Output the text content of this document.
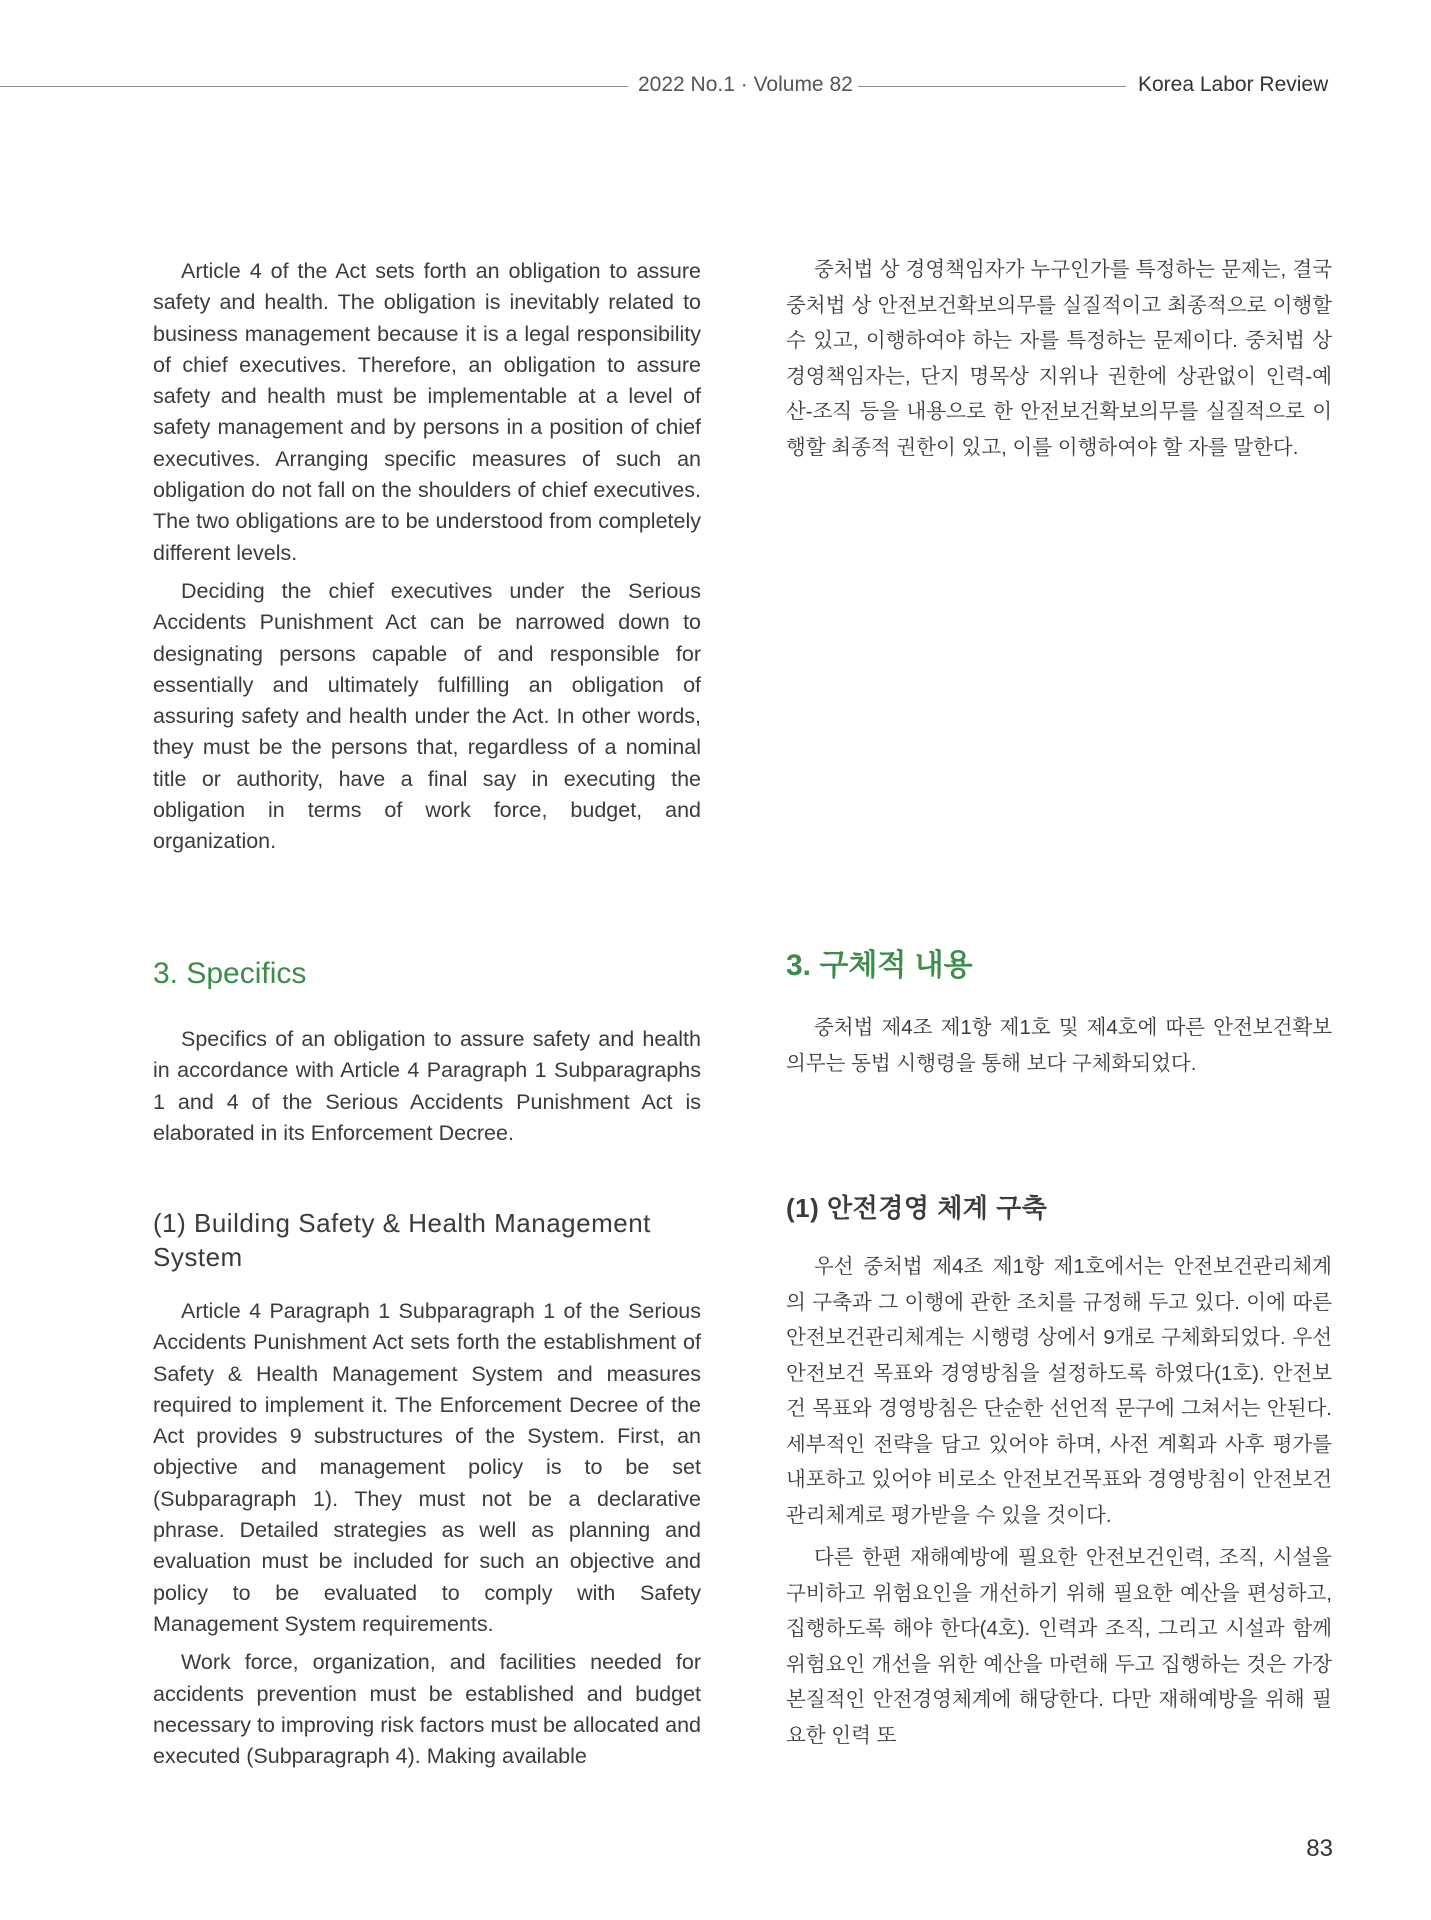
2022 No.1 · Volume 82	Korea Labor Review

Article 4 of the Act sets forth an obligation to assure safety and health. The obligation is inevitably related to business management because it is a legal responsibility of chief executives. Therefore, an obligation to assure safety and health must be implementable at a level of safety management and by persons in a position of chief executives. Arranging specific measures of such an obligation do not fall on the shoulders of chief executives. The two obligations are to be understood from completely different levels.

Deciding the chief executives under the Serious Accidents Punishment Act can be narrowed down to designating persons capable of and responsible for essentially and ultimately fulfilling an obligation of assuring safety and health under the Act. In other words, they must be the persons that, regardless of a nominal title or authority, have a final say in executing the obligation in terms of work force, budget, and organization.

3. Specifics

Specifics of an obligation to assure safety and health in accordance with Article 4 Paragraph 1 Subparagraphs 1 and 4 of the Serious Accidents Punishment Act is elaborated in its Enforcement Decree.

(1) Building Safety & Health Management System

Article 4 Paragraph 1 Subparagraph 1 of the Serious Accidents Punishment Act sets forth the establishment of Safety & Health Management System and measures required to implement it. The Enforcement Decree of the Act provides 9 substructures of the System. First, an objective and management policy is to be set (Subparagraph 1). They must not be a declarative phrase. Detailed strategies as well as planning and evaluation must be included for such an objective and policy to be evaluated to comply with Safety Management System requirements.

Work force, organization, and facilities needed for accidents prevention must be established and budget necessary to improving risk factors must be allocated and executed (Subparagraph 4). Making available

중처법 상 경영책임자가 누구인가를 특정하는 문제는, 결국 중처법 상 안전보건확보의무를 실질적이고 최종적으로 이행할 수 있고, 이행하여야 하는 자를 특정하는 문제이다. 중처법 상 경영책임자는, 단지 명목상 지위나 권한에 상관없이 인력-예산-조직 등을 내용으로 한 안전보건확보의무를 실질적으로 이행할 최종적 권한이 있고, 이를 이행하여야 할 자를 말한다.

3. 구체적 내용

중처법 제4조 제1항 제1호 및 제4호에 따른 안전보건확보의무는 동법 시행령을 통해 보다 구체화되었다.

(1) 안전경영 체계 구축

우선 중처법 제4조 제1항 제1호에서는 안전보건관리체계의 구축과 그 이행에 관한 조치를 규정해 두고 있다. 이에 따른 안전보건관리체계는 시행령 상에서 9개로 구체화되었다. 우선 안전보건 목표와 경영방침을 설정하도록 하였다(1호). 안전보건 목표와 경영방침은 단순한 선언적 문구에 그쳐서는 안된다. 세부적인 전략을 담고 있어야 하며, 사전 계획과 사후 평가를 내포하고 있어야 비로소 안전보건목표와 경영방침이 안전보건관리체계로 평가받을 수 있을 것이다.

다른 한편 재해예방에 필요한 안전보건인력, 조직, 시설을 구비하고 위험요인을 개선하기 위해 필요한 예산을 편성하고, 집행하도록 해야 한다(4호). 인력과 조직, 그리고 시설과 함께 위험요인 개선을 위한 예산을 마련해 두고 집행하는 것은 가장 본질적인 안전경영체계에 해당한다. 다만 재해예방을 위해 필요한 인력 또

83
